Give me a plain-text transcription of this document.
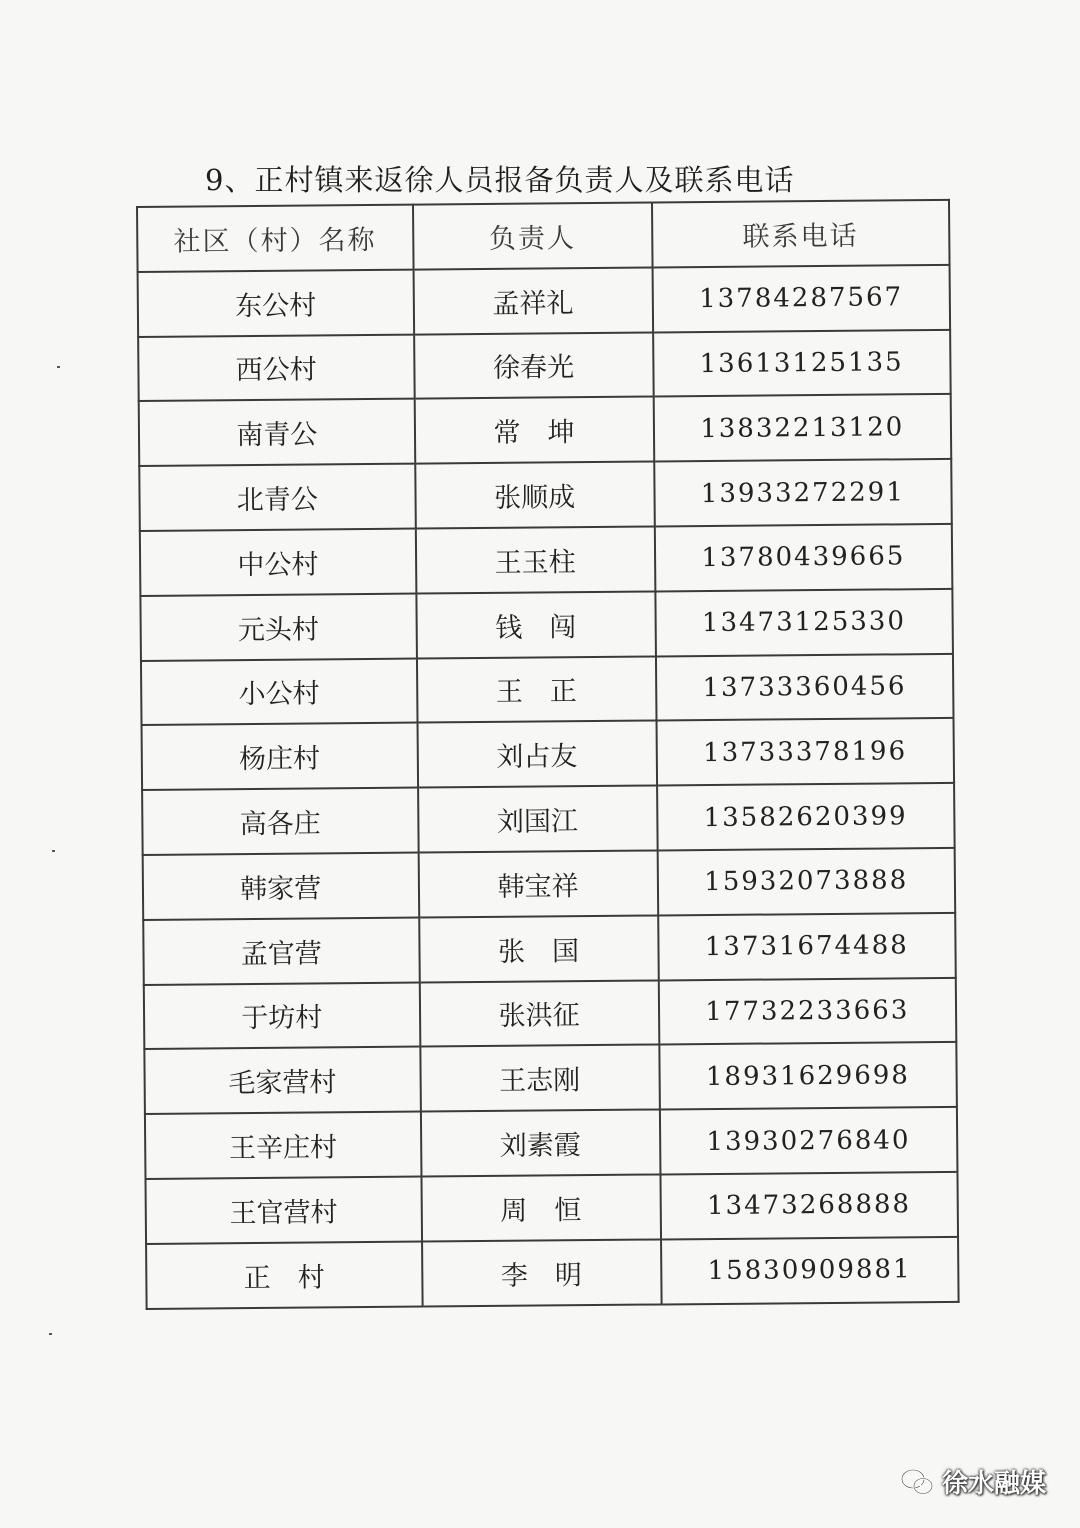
9、正村镇来返徐人员报备负责人及联系电话
社区（村）名称	负责人	联系电话
东公村	孟祥礼	13784287567
西公村	徐春光	13613125135
南青公	常　坤	13832213120
北青公	张顺成	13933272291
中公村	王玉柱	13780439665
元头村	钱　闯	13473125330
小公村	王　正	13733360456
杨庄村	刘占友	13733378196
高各庄	刘国江	13582620399
韩家营	韩宝祥	15932073888
孟官营	张　国	13731674488
于坊村	张洪征	17732233663
毛家营村	王志刚	18931629698
王辛庄村	刘素霞	13930276840
王官营村	周　恒	13473268888
正　村	李　明	15830909881
徐水融媒
